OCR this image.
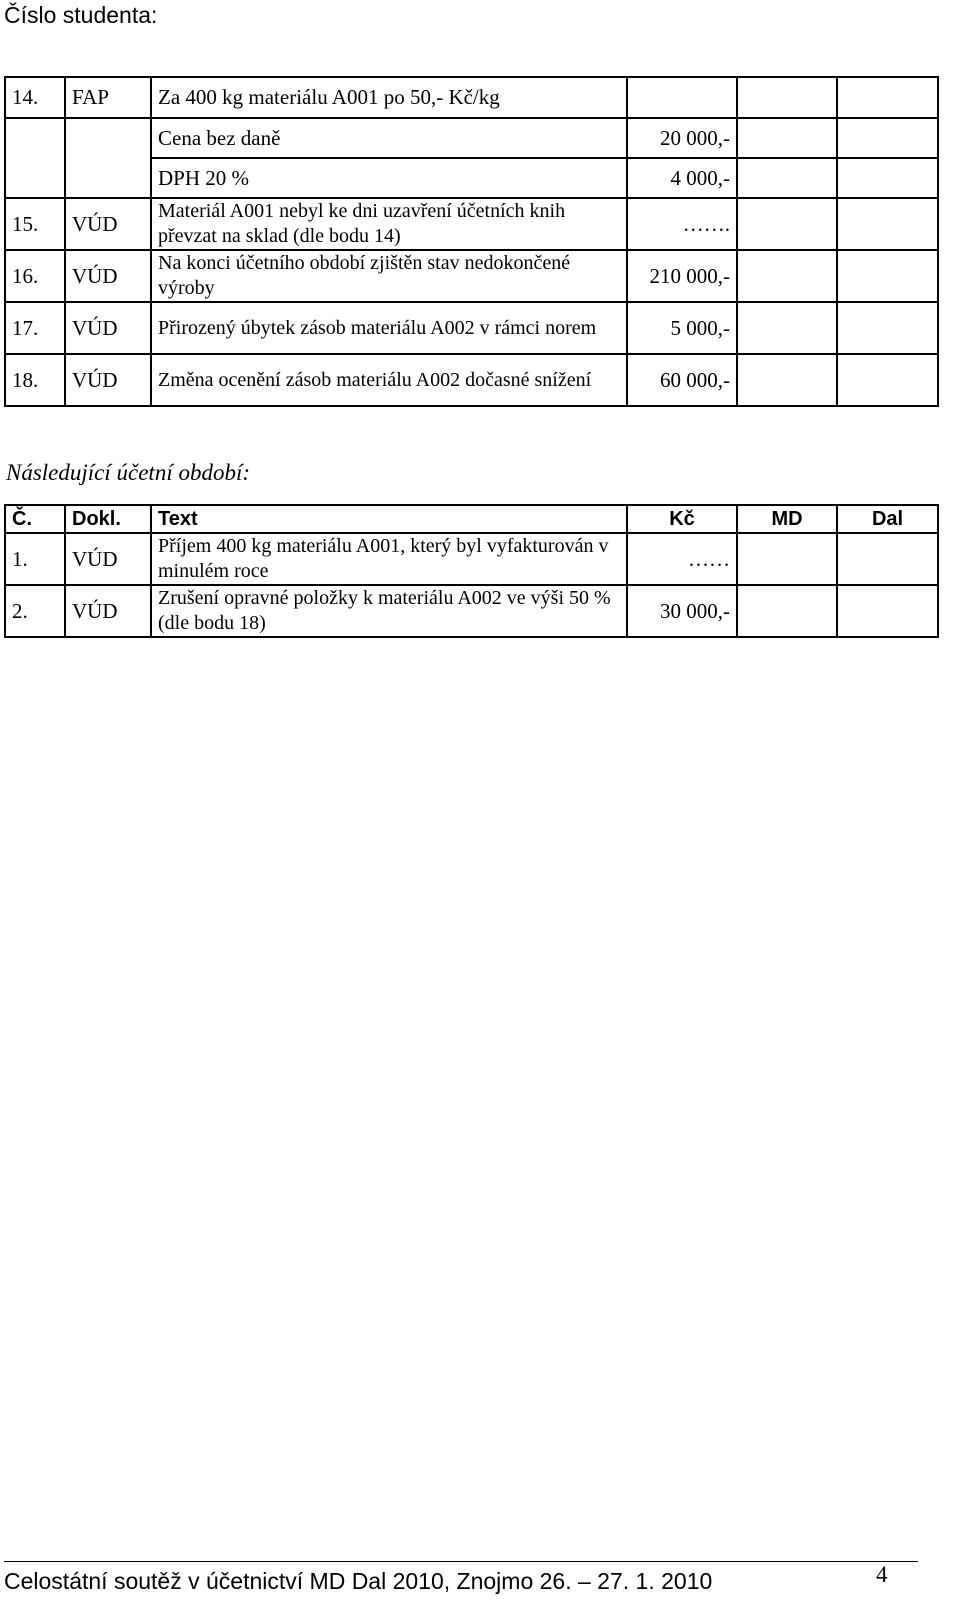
Číslo studenta:
14.	FAP	Za 400 kg materiálu A001 po 50,- Kč/kg			
		Cena bez daně	20 000,-		
		DPH 20 %	4 000,-		
15.	VÚD	Materiál A001 nebyl ke dni uzavření účetních knih převzat na sklad (dle bodu 14)	…….		
16.	VÚD	Na konci účetního období zjištěn stav nedokončené výroby	210 000,-		
17.	VÚD	Přirozený úbytek zásob materiálu A002 v rámci norem	5 000,-		
18.	VÚD	Změna ocenění zásob materiálu A002 dočasné snížení	60 000,-		
Následující účetní období:
Č.	Dokl.	Text	Kč	MD	Dal
1.	VÚD	Příjem 400 kg materiálu A001, který byl vyfakturován v minulém roce	……		
2.	VÚD	Zrušení opravné položky k materiálu A002 ve výši 50 % (dle bodu 18)	30 000,-		
Celostátní soutěž v účetnictví MD Dal 2010, Znojmo 26. – 27. 1. 2010	4
